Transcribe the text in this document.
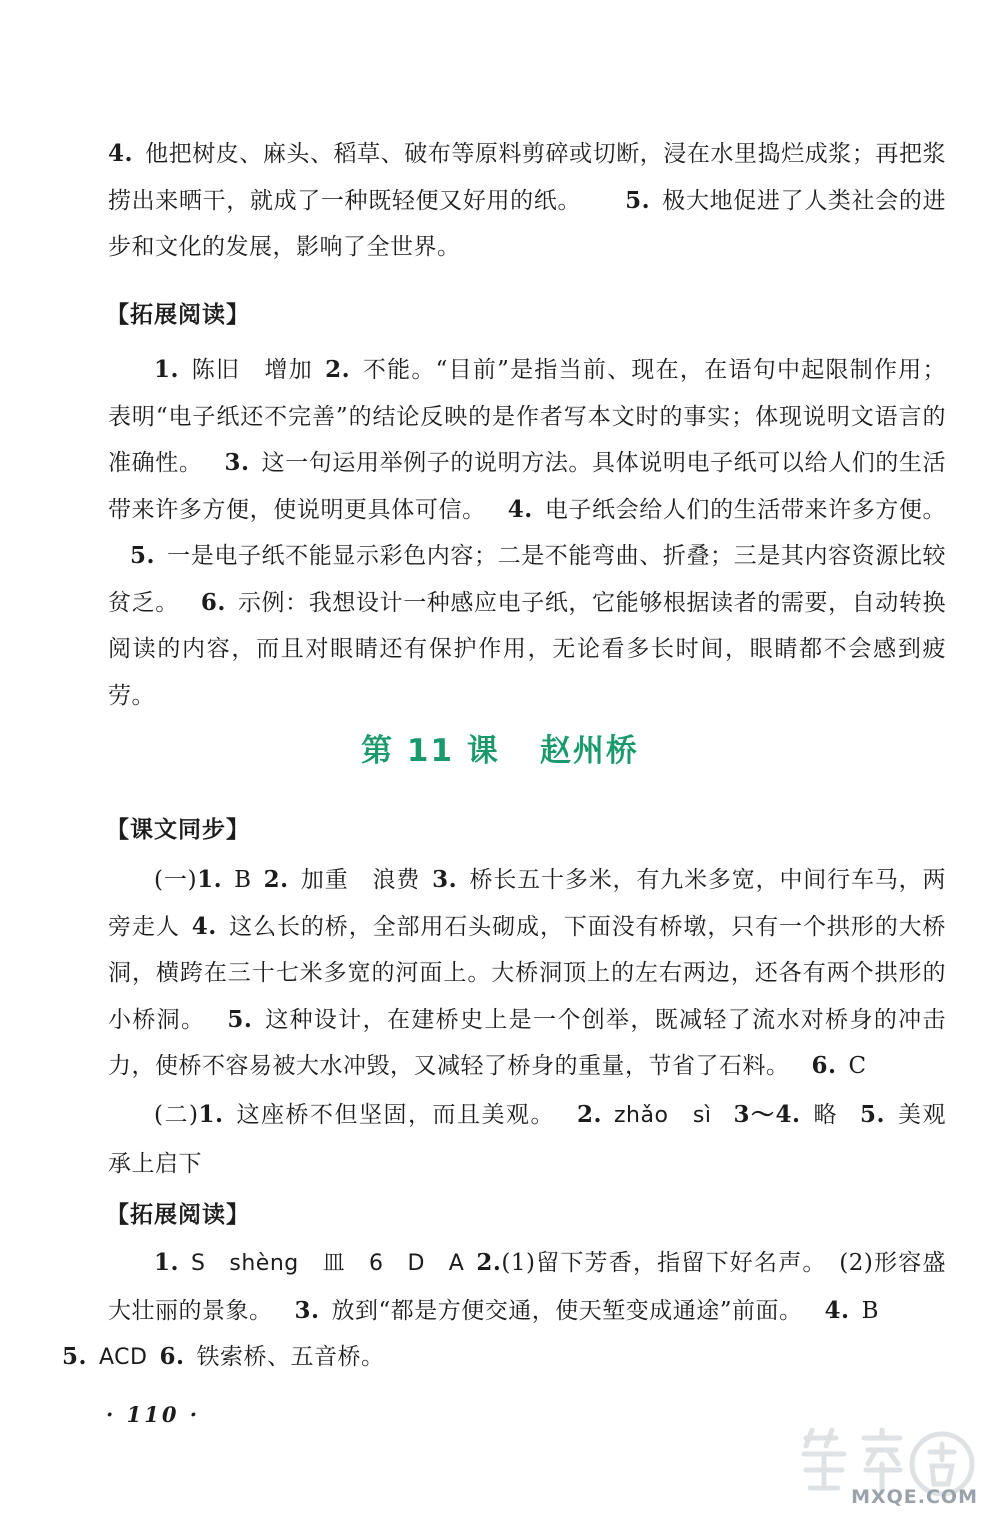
4. 他把树皮、麻头、稻草、破布等原料剪碎或切断，浸在水里捣烂成浆；再把浆捞出来晒干，就成了一种既轻便又好用的纸。 5. 极大地促进了人类社会的进步和文化的发展，影响了全世界。

【拓展阅读】

1. 陈旧　增加 2. 不能。“目前”是指当前、现在，在语句中起限制作用；表明“电子纸还不完善”的结论反映的是作者写本文时的事实；体现说明文语言的准确性。 3. 这一句运用举例子的说明方法。具体说明电子纸可以给人们的生活带来许多方便，使说明更具体可信。 4. 电子纸会给人们的生活带来许多方便。5. 一是电子纸不能显示彩色内容；二是不能弯曲、折叠；三是其内容资源比较贫乏。 6. 示例：我想设计一种感应电子纸，它能够根据读者的需要，自动转换阅读的内容，而且对眼睛还有保护作用，无论看多长时间，眼睛都不会感到疲劳。

第 11 课 赵州桥
【课文同步】

(一)1. B 2. 加重　浪费 3. 桥长五十多米，有九米多宽，中间行车马，两旁走人 4. 这么长的桥，全部用石头砌成，下面没有桥墩，只有一个拱形的大桥洞，横跨在三十七米多宽的河面上。大桥洞顶上的左右两边，还各有两个拱形的小桥洞。 5. 这种设计，在建桥史上是一个创举，既减轻了流水对桥身的冲击力，使桥不容易被大水冲毁，又减轻了桥身的重量，节省了石料。 6. C

(二)1. 这座桥不但坚固，而且美观。 2. zhǎo　sì 3～4. 略 5. 美观　承上启下

【拓展阅读】

1. S　shèng　皿　6　D　A 2.(1)留下芳香，指留下好名声。　(2)形容盛大壮丽的景象。 3. 放到“都是方便交通，使天堑变成通途”前面。 4. B
5. ACD 6. 铁索桥、五音桥。

· 110 ·
MXQE.COM
